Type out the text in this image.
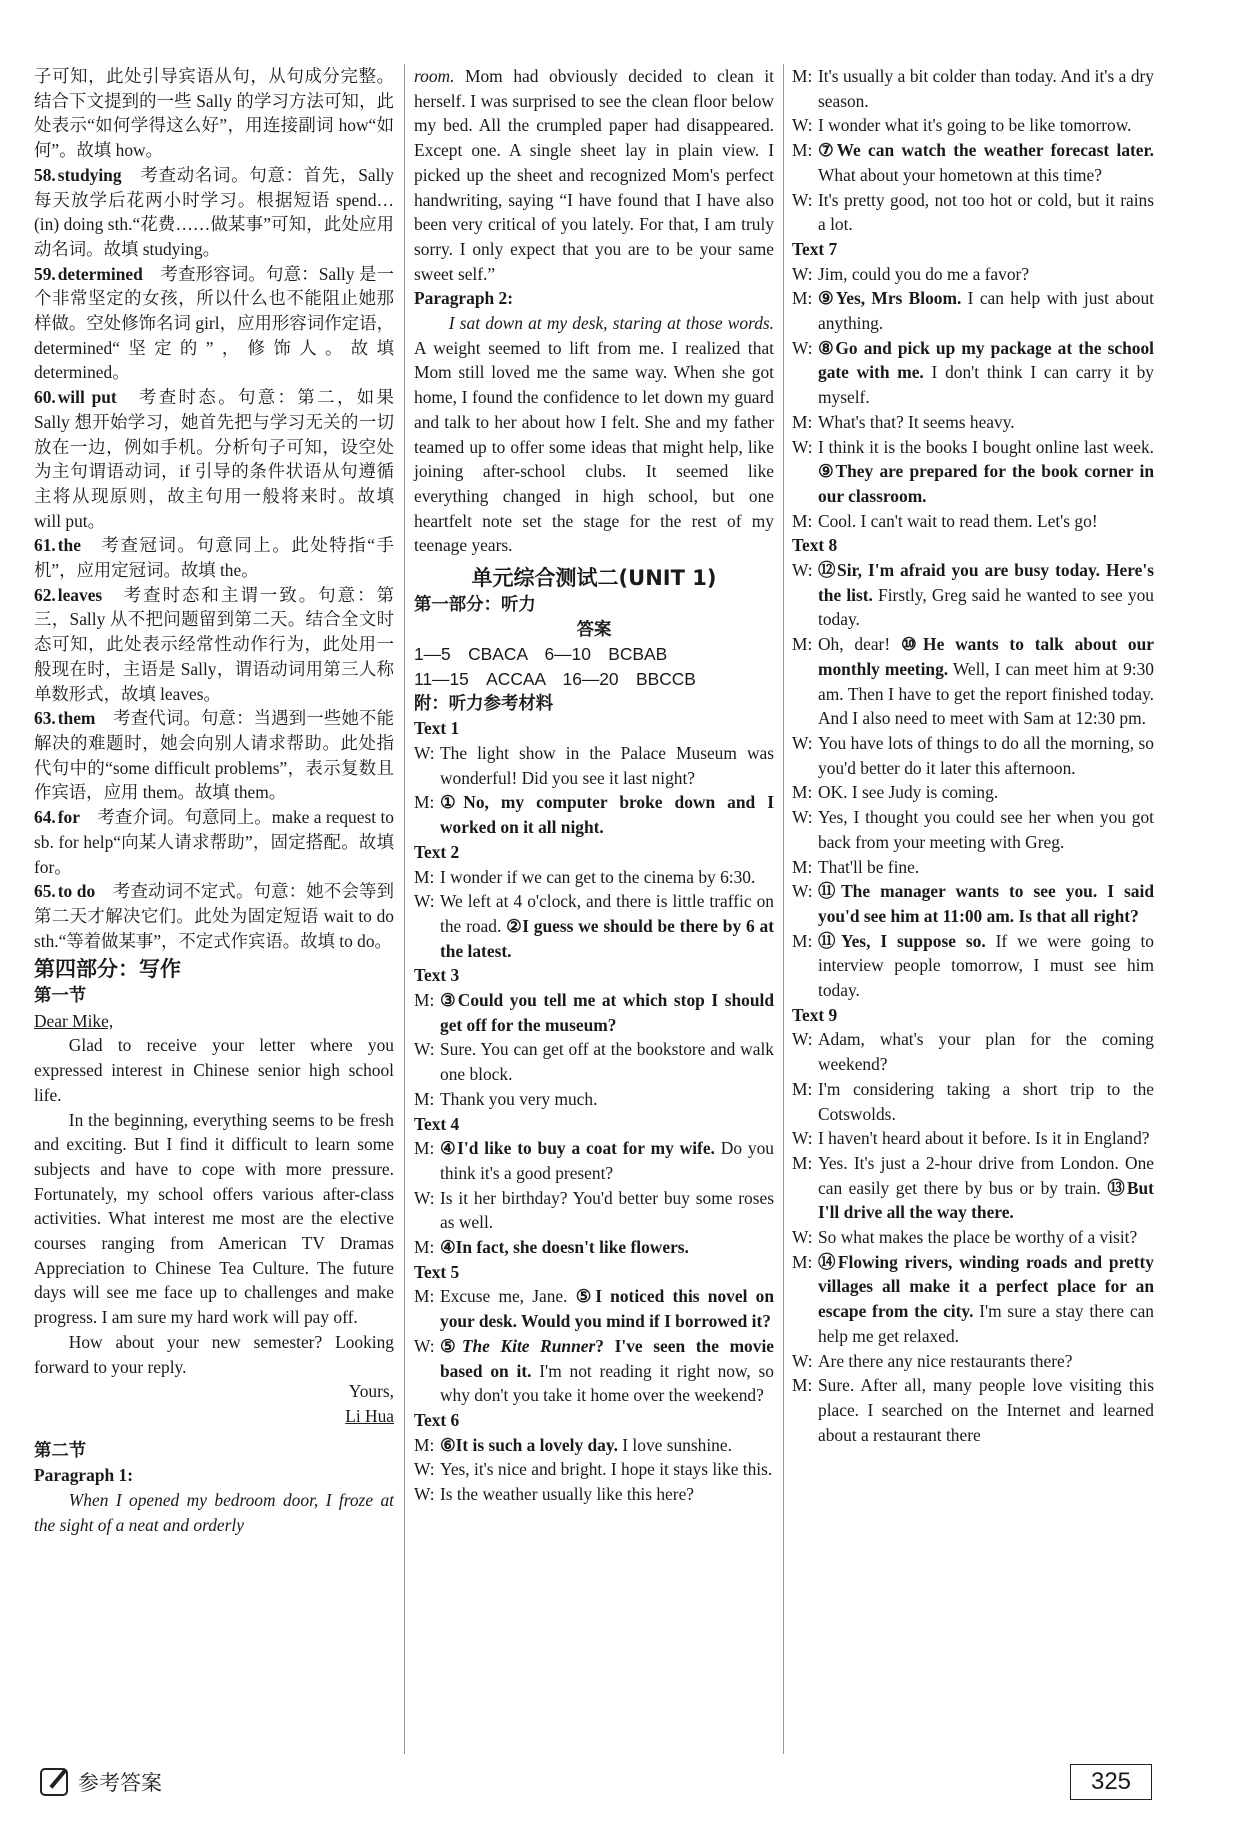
子可知，此处引导宾语从句，从句成分完整。结合下文提到的一些 Sally 的学习方法可知，此处表示“如何学得这么好”，用连接副词 how“如何”。故填 how。
58. studying　 考查动名词。句意：首先，Sally 每天放学后花两小时学习。根据短语 spend…(in) doing sth.“花费……做某事”可知，此处应用动名词。故填 studying。
59. determined　 考查形容词。句意：Sally 是一个非常坚定的女孩，所以什么也不能阻止她那样做。空处修饰名词 girl，应用形容词作定语，determined“坚定的”，修饰人。故填 determined。
60. will put　 考查时态。句意：第二，如果 Sally 想开始学习，她首先把与学习无关的一切放在一边，例如手机。分析句子可知，设空处为主句谓语动词，if 引导的条件状语从句遵循主将从现原则，故主句用一般将来时。故填 will put。
61. the　 考查冠词。句意同上。此处特指“手机”，应用定冠词。故填 the。
62. leaves　 考查时态和主谓一致。句意：第三，Sally 从不把问题留到第二天。结合全文时态可知，此处表示经常性动作行为，此处用一般现在时，主语是 Sally，谓语动词用第三人称单数形式，故填 leaves。
63. them　 考查代词。句意：当遇到一些她不能解决的难题时，她会向别人请求帮助。此处指代句中的“some difficult problems”，表示复数且作宾语，应用 them。故填 them。
64. for　 考查介词。句意同上。make a request to sb. for help“向某人请求帮助”，固定搭配。故填 for。
65. to do　 考查动词不定式。句意：她不会等到第二天才解决它们。此处为固定短语 wait to do sth.“等着做某事”，不定式作宾语。故填 to do。
第四部分：写作
第一节
Dear Mike,
Glad to receive your letter where you expressed interest in Chinese senior high school life.
In the beginning, everything seems to be fresh and exciting. But I find it difficult to learn some subjects and have to cope with more pressure. Fortunately, my school offers various after-class activities. What interest me most are the elective courses ranging from American TV Dramas Appreciation to Chinese Tea Culture. The future days will see me face up to challenges and make progress. I am sure my hard work will pay off.
How about your new semester? Looking forward to your reply.
Yours,
Li Hua
第二节
Paragraph 1:
When I opened my bedroom door, I froze at the sight of a neat and orderly
room. Mom had obviously decided to clean it herself. I was surprised to see the clean floor below my bed. All the crumpled paper had disappeared. Except one. A single sheet lay in plain view. I picked up the sheet and recognized Mom's perfect handwriting, saying “I have found that I have also been very critical of you lately. For that, I am truly sorry. I only expect that you are to be your same sweet self.”
Paragraph 2:
I sat down at my desk, staring at those words. A weight seemed to lift from me. I realized that Mom still loved me the same way. When she got home, I found the confidence to let down my guard and talk to her about how I felt. She and my father teamed up to offer some ideas that might help, like joining after-school clubs. It seemed like everything changed in high school, but one heartfelt note set the stage for the rest of my teenage years.
单元综合测试二(UNIT 1)
第一部分：听力
答案
1—5　CBACA　6—10　BCBAB
11—15　ACCAA　16—20　BBCCB
附：听力参考材料
Text 1
W: The light show in the Palace Museum was wonderful! Did you see it last night?
M: ①No, my computer broke down and I worked on it all night.
Text 2
M: I wonder if we can get to the cinema by 6:30.
W: We left at 4 o'clock, and there is little traffic on the road. ②I guess we should be there by 6 at the latest.
Text 3
M: ③Could you tell me at which stop I should get off for the museum?
W: Sure. You can get off at the bookstore and walk one block.
M: Thank you very much.
Text 4
M: ④I'd like to buy a coat for my wife. Do you think it's a good present?
W: Is it her birthday? You'd better buy some roses as well.
M: ④In fact, she doesn't like flowers.
Text 5
M: Excuse me, Jane. ⑤I noticed this novel on your desk. Would you mind if I borrowed it?
W: ⑤The Kite Runner? I've seen the movie based on it. I'm not reading it right now, so why don't you take it home over the weekend?
Text 6
M: ⑥It is such a lovely day. I love sunshine.
W: Yes, it's nice and bright. I hope it stays like this.
W: Is the weather usually like this here?
M: It's usually a bit colder than today. And it's a dry season.
W: I wonder what it's going to be like tomorrow.
M: ⑦We can watch the weather forecast later. What about your hometown at this time?
W: It's pretty good, not too hot or cold, but it rains a lot.
Text 7
W: Jim, could you do me a favor?
M: ⑨Yes, Mrs Bloom. I can help with just about anything.
W: ⑧Go and pick up my package at the school gate with me. I don't think I can carry it by myself.
M: What's that? It seems heavy.
W: I think it is the books I bought online last week. ⑨They are prepared for the book corner in our classroom.
M: Cool. I can't wait to read them. Let's go!
Text 8
W: ⑫Sir, I'm afraid you are busy today. Here's the list. Firstly, Greg said he wanted to see you today.
M: Oh, dear! ⑩He wants to talk about our monthly meeting. Well, I can meet him at 9:30 am. Then I have to get the report finished today. And I also need to meet with Sam at 12:30 pm.
W: You have lots of things to do all the morning, so you'd better do it later this afternoon.
M: OK. I see Judy is coming.
W: Yes, I thought you could see her when you got back from your meeting with Greg.
M: That'll be fine.
W: ⑪The manager wants to see you. I said you'd see him at 11:00 am. Is that all right?
M: ⑪Yes, I suppose so. If we were going to interview people tomorrow, I must see him today.
Text 9
W: Adam, what's your plan for the coming weekend?
M: I'm considering taking a short trip to the Cotswolds.
W: I haven't heard about it before. Is it in England?
M: Yes. It's just a 2-hour drive from London. One can easily get there by bus or by train. ⑬But I'll drive all the way there.
W: So what makes the place be worthy of a visit?
M: ⑭Flowing rivers, winding roads and pretty villages all make it a perfect place for an escape from the city. I'm sure a stay there can help me get relaxed.
W: Are there any nice restaurants there?
M: Sure. After all, many people love visiting this place. I searched on the Internet and learned about a restaurant there
参考答案	325
